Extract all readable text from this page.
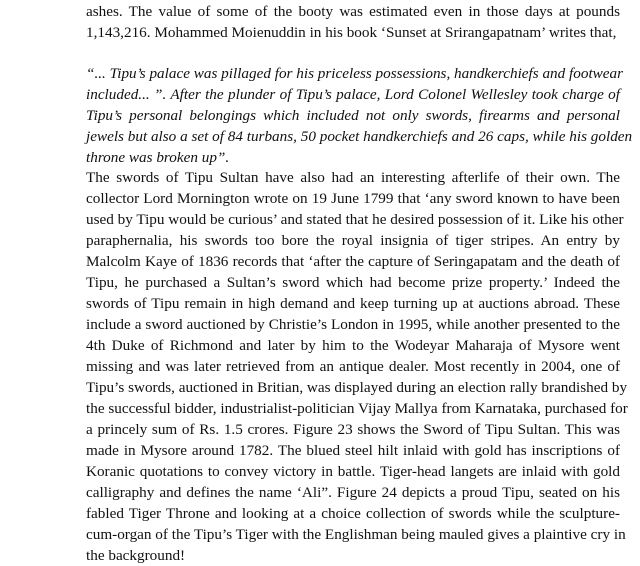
ashes. The value of some of the booty was estimated even in those days at pounds
1,143,216. Mohammed Moienuddin in his book ‘Sunset at Srirangapatnam’ writes that,
“... Tipu’s palace was pillaged for his priceless possessions, handkerchiefs and footwear
included... ”. After the plunder of Tipu’s palace, Lord Colonel Wellesley took charge of
Tipu’s personal belongings which included not only swords, firearms and personal
jewels but also a set of 84 turbans, 50 pocket handkerchiefs and 26 caps, while his golden
throne was broken up”.
The swords of Tipu Sultan have also had an interesting afterlife of their own. The
collector Lord Mornington wrote on 19 June 1799 that ‘any sword known to have been
used by Tipu would be curious’ and stated that he desired possession of it. Like his other
paraphernalia, his swords too bore the royal insignia of tiger stripes. An entry by
Malcolm Kaye of 1836 records that ‘after the capture of Seringapatam and the death of
Tipu, he purchased a Sultan’s sword which had become prize property.’ Indeed the
swords of Tipu remain in high demand and keep turning up at auctions abroad. These
include a sword auctioned by Christie’s London in 1995, while another presented to the
4th Duke of Richmond and later by him to the Wodeyar Maharaja of Mysore went
missing and was later retrieved from an antique dealer. Most recently in 2004, one of
Tipu’s swords, auctioned in Britian, was displayed during an election rally brandished by
the successful bidder, industrialist-politician Vijay Mallya from Karnataka, purchased for
a princely sum of Rs. 1.5 crores. Figure 23 shows the Sword of Tipu Sultan. This was
made in Mysore around 1782. The blued steel hilt inlaid with gold has inscriptions of
Koranic quotations to convey victory in battle. Tiger-head langets are inlaid with gold
calligraphy and defines the name ‘Ali”. Figure 24 depicts a proud Tipu, seated on his
fabled Tiger Throne and looking at a choice collection of swords while the sculpture-
cum-organ of the Tipu’s Tiger with the Englishman being mauled gives a plaintive cry in
the background!
